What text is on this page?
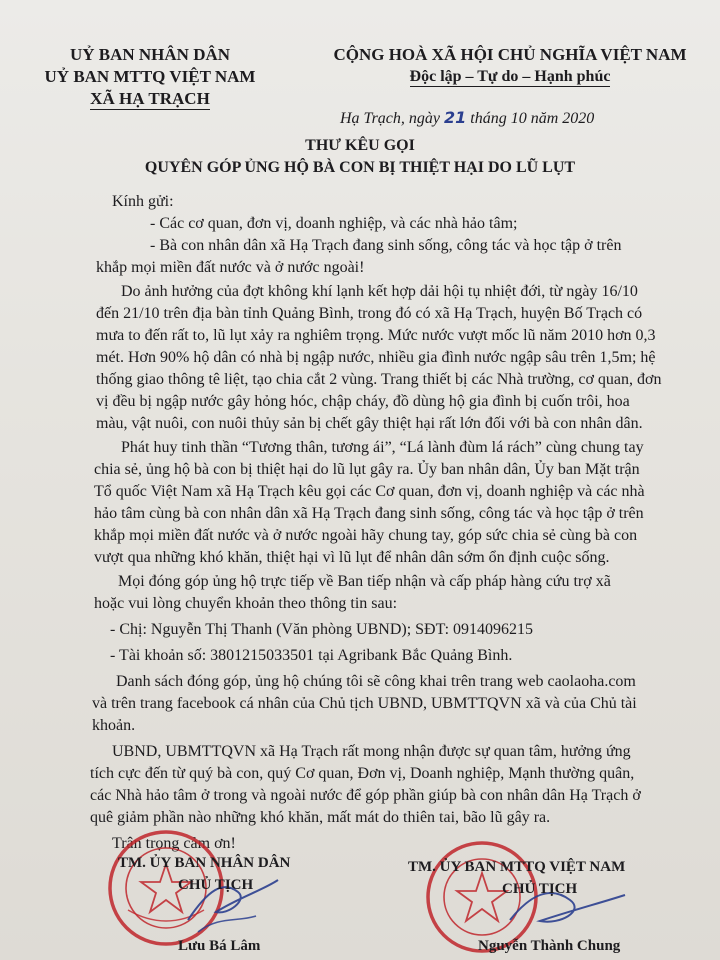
UỶ BAN NHÂN DÂN
UỶ BAN MTTQ VIỆT NAM
XÃ HẠ TRẠCH
CỘNG HOÀ XÃ HỘI CHỦ NGHĨA VIỆT NAM
Độc lập – Tự do – Hạnh phúc
Hạ Trạch, ngày 21 tháng 10 năm 2020
THƯ KÊU GỌI
QUYÊN GÓP ỦNG HỘ BÀ CON BỊ THIỆT HẠI DO LŨ LỤT
Kính gửi:
- Các cơ quan, đơn vị, doanh nghiệp, và các nhà hảo tâm;
- Bà con nhân dân xã Hạ Trạch đang sinh sống, công tác và học tập ở trên
khắp mọi miền đất nước và ở nước ngoài!
Do ảnh hưởng của đợt không khí lạnh kết hợp dải hội tụ nhiệt đới, từ ngày 16/10
đến 21/10 trên địa bàn tỉnh Quảng Bình, trong đó có xã Hạ Trạch, huyện Bố Trạch có
mưa to đến rất to, lũ lụt xảy ra nghiêm trọng. Mức nước vượt mốc lũ năm 2010 hơn 0,3
mét. Hơn 90% hộ dân có nhà bị ngập nước, nhiều gia đình nước ngập sâu trên 1,5m; hệ
thống giao thông tê liệt, tạo chia cắt 2 vùng. Trang thiết bị các Nhà trường, cơ quan, đơn
vị đều bị ngập nước gây hỏng hóc, chập cháy, đồ dùng hộ gia đình bị cuốn trôi, hoa
màu, vật nuôi, con nuôi thủy sản bị chết gây thiệt hại rất lớn đối với bà con nhân dân.
Phát huy tinh thần “Tương thân, tương ái”, “Lá lành đùm lá rách” cùng chung tay
chia sẻ, ủng hộ bà con bị thiệt hại do lũ lụt gây ra. Ủy ban nhân dân, Ủy ban Mặt trận
Tổ quốc Việt Nam xã Hạ Trạch kêu gọi các Cơ quan, đơn vị, doanh nghiệp và các nhà
hảo tâm cùng bà con nhân dân xã Hạ Trạch đang sinh sống, công tác và học tập ở trên
khắp mọi miền đất nước và ở nước ngoài hãy chung tay, góp sức chia sẻ cùng bà con
vượt qua những khó khăn, thiệt hại vì lũ lụt để nhân dân sớm ổn định cuộc sống.
Mọi đóng góp ủng hộ trực tiếp về Ban tiếp nhận và cấp pháp hàng cứu trợ xã
hoặc vui lòng chuyển khoản theo thông tin sau:
- Chị: Nguyễn Thị Thanh (Văn phòng UBND); SĐT: 0914096215
- Tài khoản số: 3801215033501 tại Agribank Bắc Quảng Bình.
Danh sách đóng góp, ủng hộ chúng tôi sẽ công khai trên trang web caolaoha.com
và trên trang facebook cá nhân của Chủ tịch UBND, UBMTTQVN xã và của Chủ tài
khoản.
UBND, UBMTTQVN xã Hạ Trạch rất mong nhận được sự quan tâm, hưởng ứng
tích cực đến từ quý bà con, quý Cơ quan, Đơn vị, Doanh nghiệp, Mạnh thường quân,
các Nhà hảo tâm ở trong và ngoài nước để góp phần giúp bà con nhân dân Hạ Trạch ở
quê giảm phần nào những khó khăn, mất mát do thiên tai, bão lũ gây ra.
Trân trọng cảm ơn!
TM. ỦY BAN NHÂN DÂN
CHỦ TỊCH
Lưu Bá Lâm
TM. ỦY BAN MTTQ VIỆT NAM
CHỦ TỊCH
Nguyễn Thành Chung
